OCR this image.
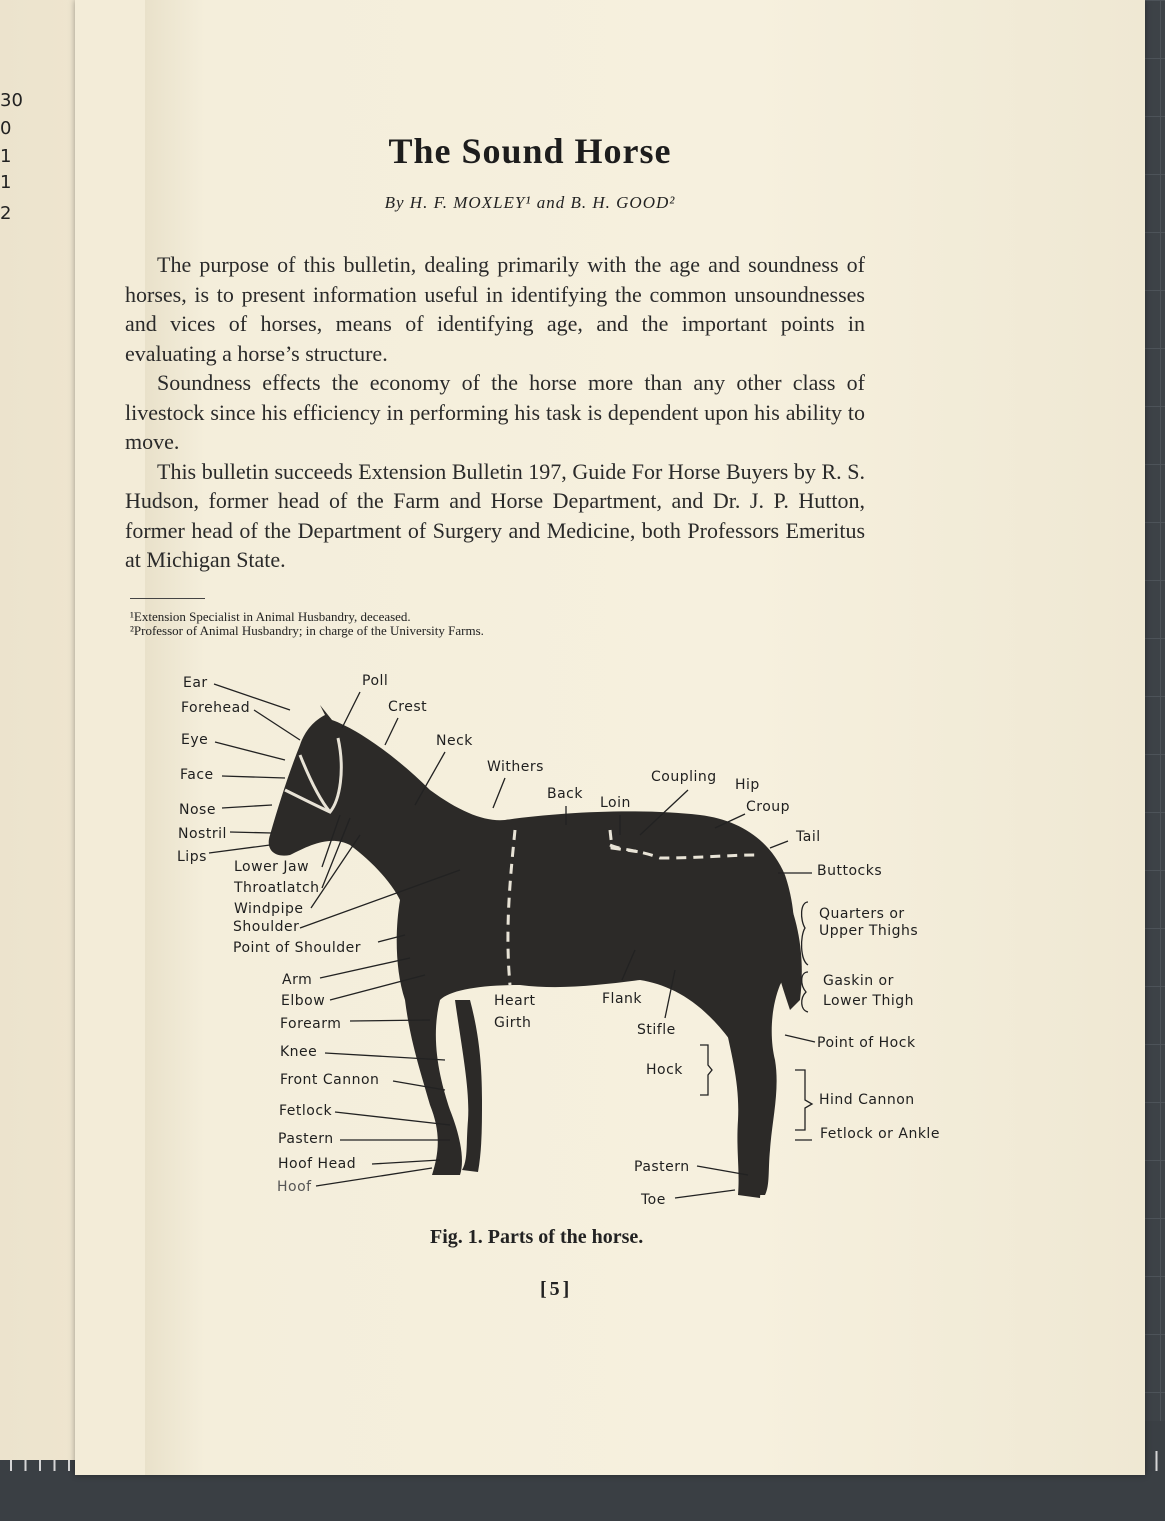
30
0
1
1
2
The Sound Horse
By H. F. MOXLEY¹ and B. H. GOOD²

The purpose of this bulletin, dealing primarily with the age and soundness of horses, is to present information useful in identifying the common unsoundnesses and vices of horses, means of identifying age, and the important points in evaluating a horse’s structure.

Soundness effects the economy of the horse more than any other class of livestock since his efficiency in performing his task is dependent upon his ability to move.

This bulletin succeeds Extension Bulletin 197, Guide For Horse Buyers by R. S. Hudson, former head of the Farm and Horse Department, and Dr. J. P. Hutton, former head of the Department of Surgery and Medicine, both Professors Emeritus at Michigan State.

¹Extension Specialist in Animal Husbandry, deceased.
²Professor of Animal Husbandry; in charge of the University Farms.
Ear	Poll
Forehead	Crest
Eye	Neck
Face	Withers
Back
Coupling
Loin
Hip
Croup
Nose
Tail
Nostril
Lips
Lower Jaw	Buttocks
Throatlatch
Windpipe	Quarters or
Shoulder	Upper Thighs
Point of Shoulder
Arm	Gaskin or
Lower Thigh
Elbow	Heart	Flank
Girth
Forearm	Stifle
Point of Hock
Knee
Hock
Front Cannon
Hind Cannon
Fetlock
Fetlock or Ankle
Pastern
Hoof Head	Pastern
Hoof
Toe
Fig. 1. Parts of the horse.
[5]
